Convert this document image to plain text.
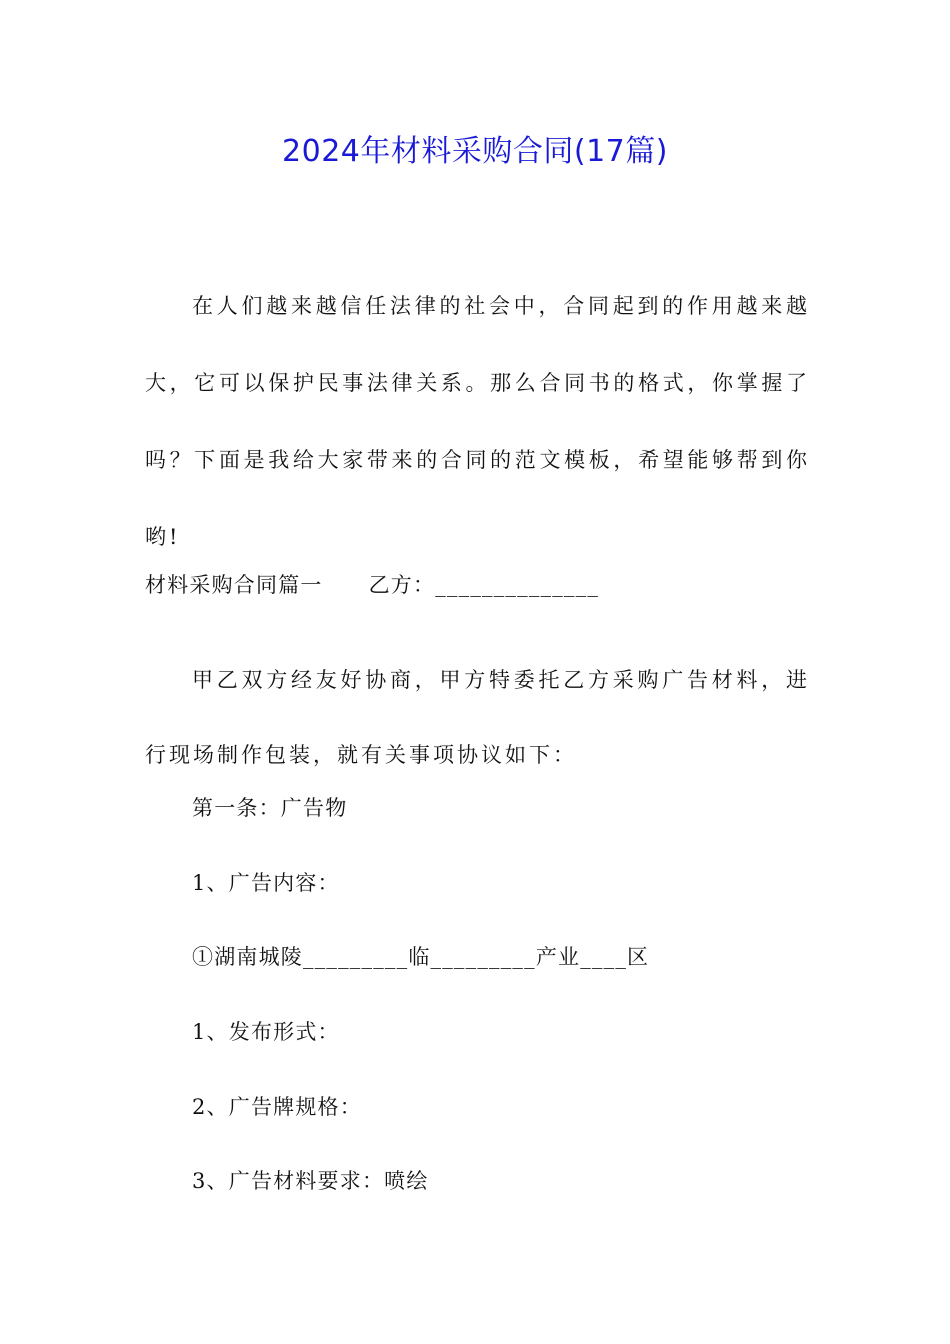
2024年材料采购合同(17篇)
在人们越来越信任法律的社会中，合同起到的作用越来越大，它可以保护民事法律关系。那么合同书的格式，你掌握了吗？下面是我给大家带来的合同的范文模板，希望能够帮到你哟!
材料采购合同篇一 乙方：______________
甲乙双方经友好协商，甲方特委托乙方采购广告材料，进行现场制作包装，就有关事项协议如下：
第一条：广告物
1、广告内容：
①湖南城陵_________临_________产业____区
1、发布形式：
2、广告牌规格：
3、广告材料要求：喷绘
